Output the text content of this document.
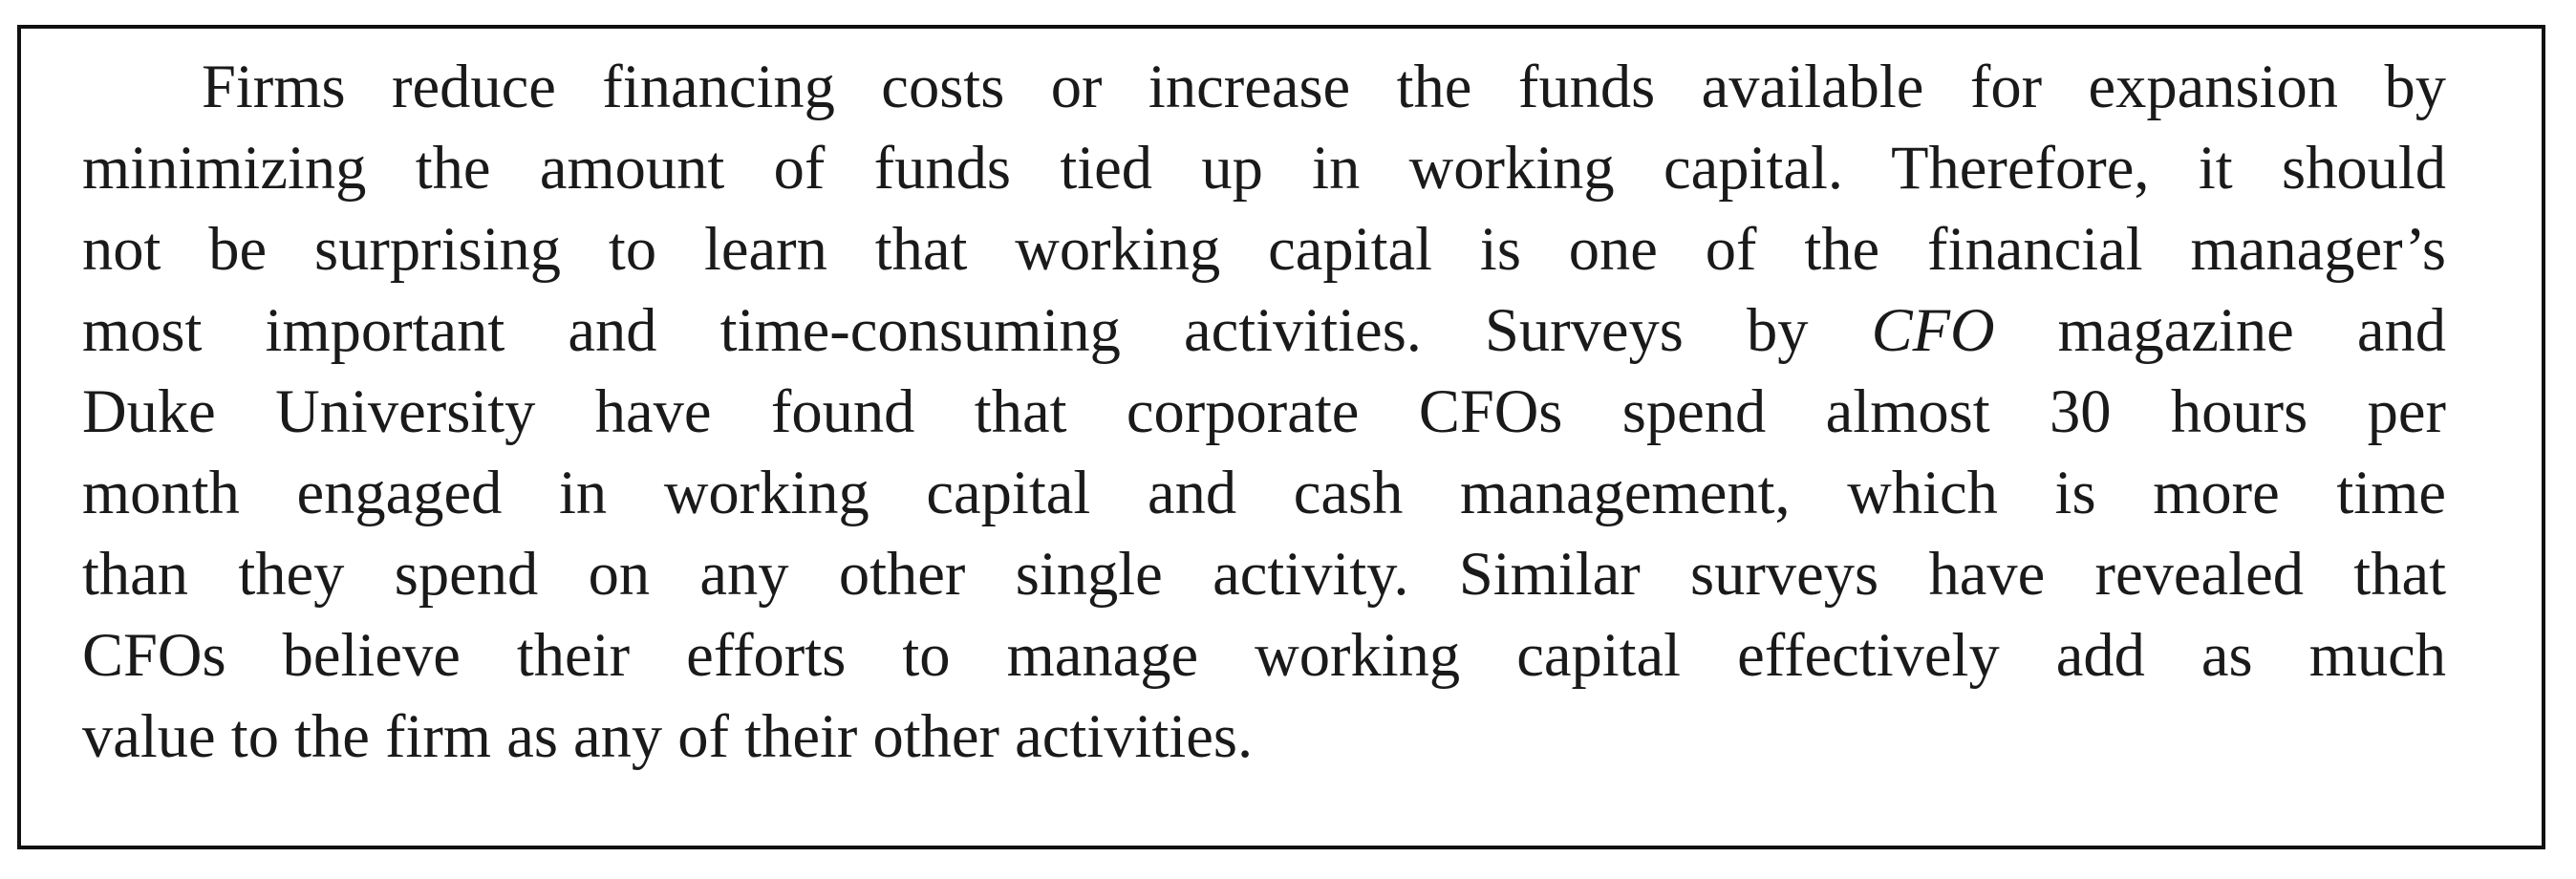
Firms reduce financing costs or increase the funds available for expansion by
minimizing the amount of funds tied up in working capital. Therefore, it should
not be surprising to learn that working capital is one of the financial manager’s
most important and time-consuming activities. Surveys by CFO magazine and
Duke University have found that corporate CFOs spend almost 30 hours per
month engaged in working capital and cash management, which is more time
than they spend on any other single activity. Similar surveys have revealed that
CFOs believe their efforts to manage working capital effectively add as much
value to the firm as any of their other activities.
